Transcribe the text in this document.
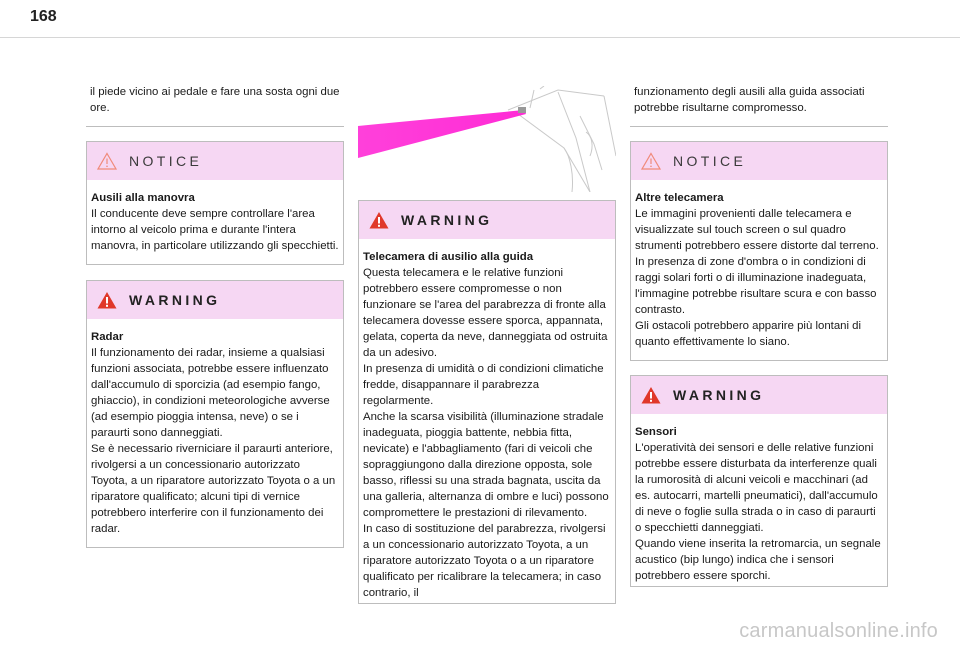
168
il piede vicino ai pedale e fare una sosta ogni due ore.
NOTICE

Ausili alla manovra

Il conducente deve sempre controllare l'area intorno al veicolo prima e durante l'intera manovra, in particolare utilizzando gli specchietti.

WARNING

Radar

Il funzionamento dei radar, insieme a qualsiasi funzioni associata, potrebbe essere influenzato dall'accumulo di sporcizia (ad esempio fango, ghiaccio), in condizioni meteorologiche avverse (ad esempio pioggia intensa, neve) o se i paraurti sono danneggiati.
Se è necessario riverniciare il paraurti anteriore, rivolgersi a un concessionario autorizzato Toyota, a un riparatore autorizzato Toyota o a un riparatore qualificato; alcuni tipi di vernice potrebbero interferire con il funzionamento dei radar.

WARNING

Telecamera di ausilio alla guida

Questa telecamera e le relative funzioni potrebbero essere compromesse o non funzionare se l'area del parabrezza di fronte alla telecamera dovesse essere sporca, appannata, gelata, coperta da neve, danneggiata od ostruita da un adesivo.
In presenza di umidità o di condizioni climatiche fredde, disappannare il parabrezza regolarmente.
Anche la scarsa visibilità (illuminazione stradale inadeguata, pioggia battente, nebbia fitta, nevicate) e l'abbagliamento (fari di veicoli che sopraggiungono dalla direzione opposta, sole basso, riflessi su una strada bagnata, uscita da una galleria, alternanza di ombre e luci) possono compromettere le prestazioni di rilevamento.
In caso di sostituzione del parabrezza, rivolgersi a un concessionario autorizzato Toyota, a un riparatore autorizzato Toyota o a un riparatore qualificato per ricalibrare la telecamera; in caso contrario, il

funzionamento degli ausili alla guida associati potrebbe risultarne compromesso.
NOTICE

Altre telecamera

Le immagini provenienti dalle telecamera e visualizzate sul touch screen o sul quadro strumenti potrebbero essere distorte dal terreno.
In presenza di zone d'ombra o in condizioni di raggi solari forti o di illuminazione inadeguata, l'immagine potrebbe risultare scura e con basso contrasto.
Gli ostacoli potrebbero apparire più lontani di quanto effettivamente lo siano.

WARNING

Sensori

L'operatività dei sensori e delle relative funzioni potrebbe essere disturbata da interferenze quali la rumorosità di alcuni veicoli e macchinari (ad es. autocarri, martelli pneumatici), dall'accumulo di neve o foglie sulla strada o in caso di paraurti o specchietti danneggiati.
Quando viene inserita la retromarcia, un segnale acustico (bip lungo) indica che i sensori potrebbero essere sporchi.

carmanualsonline.info
